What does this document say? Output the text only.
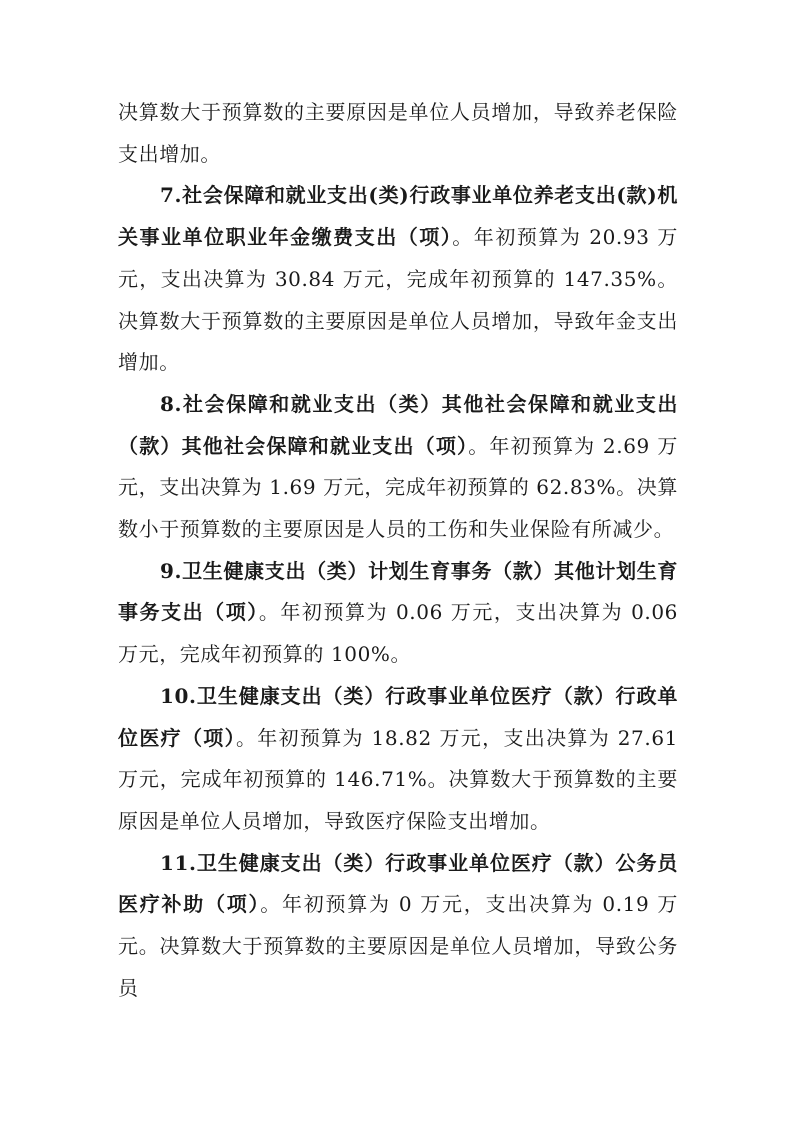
决算数大于预算数的主要原因是单位人员增加，导致养老保险支出增加。

7.社会保障和就业支出(类)行政事业单位养老支出(款)机关事业单位职业年金缴费支出（项）。年初预算为 20.93 万元，支出决算为 30.84 万元，完成年初预算的 147.35%。决算数大于预算数的主要原因是单位人员增加，导致年金支出增加。

8.社会保障和就业支出（类）其他社会保障和就业支出（款）其他社会保障和就业支出（项）。年初预算为 2.69 万元，支出决算为 1.69 万元，完成年初预算的 62.83%。决算数小于预算数的主要原因是人员的工伤和失业保险有所减少。

9.卫生健康支出（类）计划生育事务（款）其他计划生育事务支出（项）。年初预算为 0.06 万元，支出决算为 0.06 万元，完成年初预算的 100%。

10.卫生健康支出（类）行政事业单位医疗（款）行政单位医疗（项）。年初预算为 18.82 万元，支出决算为 27.61 万元，完成年初预算的 146.71%。决算数大于预算数的主要原因是单位人员增加，导致医疗保险支出增加。

11.卫生健康支出（类）行政事业单位医疗（款）公务员医疗补助（项）。年初预算为 0 万元，支出决算为 0.19 万元。决算数大于预算数的主要原因是单位人员增加，导致公务员
